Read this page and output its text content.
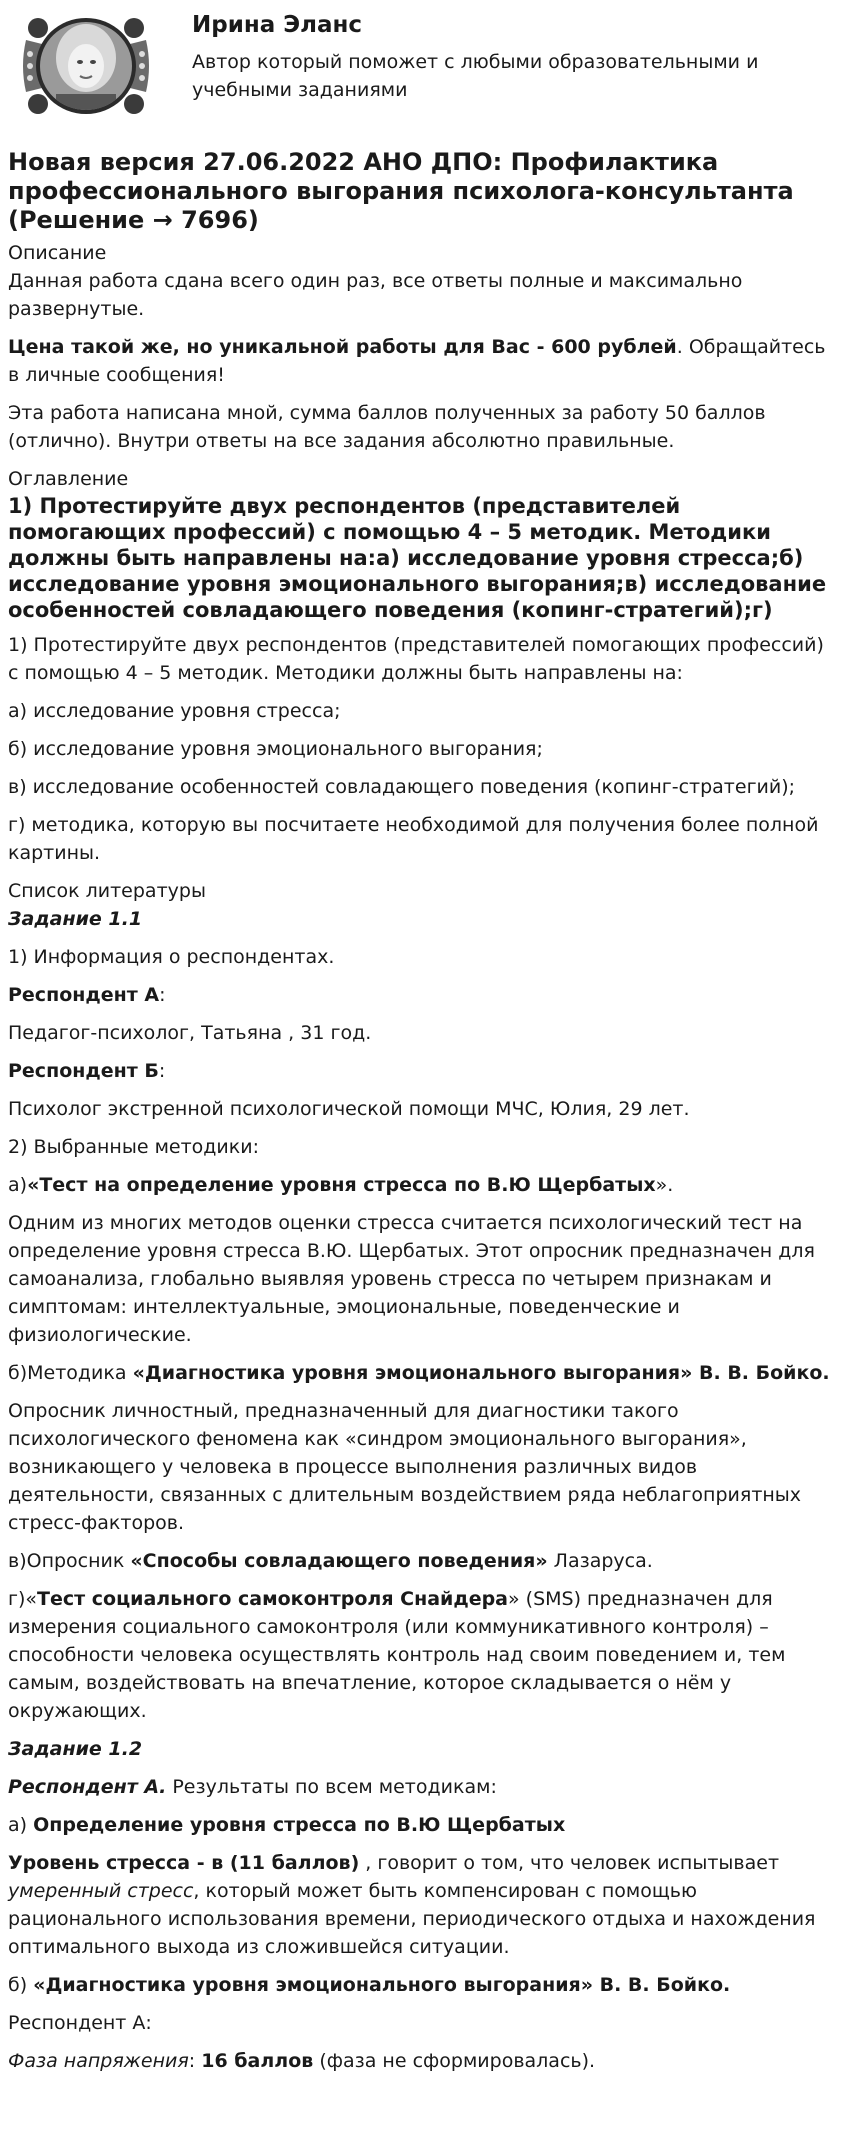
Ирина Эланс
Автор который поможет с любыми образовательными и учебными заданиями
Новая версия 27.06.2022 АНО ДПО: Профилактика профессионального выгорания психолога-консультанта (Решение → 7696)
Описание

Данная работа сдана всего один раз, все ответы полные и максимально развернутые.

Цена такой же, но уникальной работы для Вас - 600 рублей. Обращайтесь в личные сообщения!

Эта работа написана мной, сумма баллов полученных за работу 50 баллов (отлично). Внутри ответы на все задания абсолютно правильные.

Оглавление
1) Протестируйте двух респондентов (представителей помогающих профессий) с помощью 4 – 5 методик. Методики должны быть направлены на:а) исследование уровня стресса;б) исследование уровня эмоционального выгорания;в) исследование особенностей совладающего поведения (копинг-стратегий);г)

1) Протестируйте двух респондентов (представителей помогающих профессий) с помощью 4 – 5 методик. Методики должны быть направлены на:

а) исследование уровня стресса;

б) исследование уровня эмоционального выгорания;

в) исследование особенностей совладающего поведения (копинг-стратегий);

г) методика, которую вы посчитаете необходимой для получения более полной картины.

Список литературы

Задание 1.1

1) Информация о респондентах.

Респондент А:

Педагог-психолог, Татьяна , 31 год.

Респондент Б:

Психолог экстренной психологической помощи МЧС, Юлия, 29 лет.

2) Выбранные методики:

а)«Тест на определение уровня стресса по В.Ю Щербатых».

Одним из многих методов оценки стресса считается психологический тест на определение уровня стресса В.Ю. Щербатых. Этот опросник предназначен для самоанализа, глобально выявляя уровень стресса по четырем признакам и симптомам: интеллектуальные, эмоциональные, поведенческие и физиологические.

б)Методика «Диагностика уровня эмоционального выгорания» В. В. Бойко.

Опросник личностный, предназначенный для диагностики такого психологического феномена как «синдром эмоционального выгорания», возникающего у человека в процессе выполнения различных видов деятельности, связанных с длительным воздействием ряда неблагоприятных стресс-факторов.

в)Опросник «Способы совладающего поведения» Лазаруса.

г)«Тест социального самоконтроля Снайдера» (SMS) предназначен для измерения социального самоконтроля (или коммуникативного контроля) – способности человека осуществлять контроль над своим поведением и, тем самым, воздействовать на впечатление, которое складывается о нём у окружающих.

Задание 1.2

Респондент А. Результаты по всем методикам:

а) Определение уровня стресса по В.Ю Щербатых

Уровень стресса - в (11 баллов) , говорит о том, что человек испытывает умеренный стресс, который может быть компенсирован с помощью рационального использования времени, периодического отдыха и нахождения оптимального выхода из сложившейся ситуации.

б) «Диагностика уровня эмоционального выгорания» В. В. Бойко.

Респондент А:

Фаза напряжения: 16 баллов (фаза не сформировалась).
